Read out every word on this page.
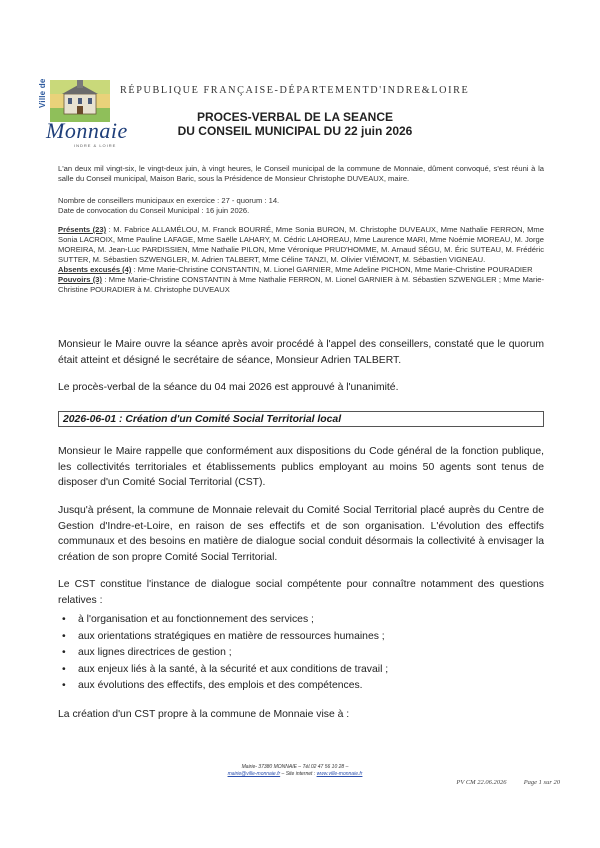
Ville de
Monnaie
INDRE & LOIRE
RÉPUBLIQUE FRANÇAISE-DÉPARTEMENTD'INDRE&LOIRE
PROCES-VERBAL DE LA SEANCE
DU CONSEIL MUNICIPAL DU 22 juin 2026
L'an deux mil vingt-six, le vingt-deux juin, à vingt heures, le Conseil municipal de la commune de Monnaie, dûment convoqué, s'est réuni à la salle du Conseil municipal, Maison Baric, sous la Présidence de Monsieur Christophe DUVEAUX, maire.
Nombre de conseillers municipaux en exercice : 27 - quorum : 14.
Date de convocation du Conseil Municipal : 16 juin 2026.
Présents (23) : M. Fabrice ALLAMÉLOU, M. Franck BOURRÉ, Mme Sonia BURON, M. Christophe DUVEAUX, Mme Nathalie FERRON, Mme Sonia LACROIX, Mme Pauline LAFAGE, Mme Saëlle LAHARY, M. Cédric LAHOREAU, Mme Laurence MARI, Mme Noémie MOREAU, M. Jorge MOREIRA, M. Jean-Luc PARDISSIEN, Mme Nathalie PILON, Mme Véronique PRUD'HOMME, M. Arnaud SÉGU, M. Éric SUTEAU, M. Frédéric SUTTER, M. Sébastien SZWENGLER, M. Adrien TALBERT, Mme Céline TANZI, M. Olivier VIÉMONT, M. Sébastien VIGNEAU.
Absents excusés (4) : Mme Marie-Christine CONSTANTIN, M. Lionel GARNIER, Mme Adeline PICHON, Mme Marie-Christine POURADIER
Pouvoirs (3) : Mme Marie-Christine CONSTANTIN à Mme Nathalie FERRON, M. Lionel GARNIER à M. Sébastien SZWENGLER ; Mme Marie-Christine POURADIER à M. Christophe DUVEAUX
Monsieur le Maire ouvre la séance après avoir procédé à l'appel des conseillers, constaté que le quorum était atteint et désigné le secrétaire de séance, Monsieur Adrien TALBERT.
Le procès-verbal de la séance du 04 mai 2026 est approuvé à l'unanimité.
2026-06-01 : Création d'un Comité Social Territorial local
Monsieur le Maire rappelle que conformément aux dispositions du Code général de la fonction publique, les collectivités territoriales et établissements publics employant au moins 50 agents sont tenus de disposer d'un Comité Social Territorial (CST).
Jusqu'à présent, la commune de Monnaie relevait du Comité Social Territorial placé auprès du Centre de Gestion d'Indre-et-Loire, en raison de ses effectifs et de son organisation. L'évolution des effectifs communaux et des besoins en matière de dialogue social conduit désormais la collectivité à envisager la création de son propre Comité Social Territorial.
Le CST constitue l'instance de dialogue social compétente pour connaître notamment des questions relatives :
• à l'organisation et au fonctionnement des services ;
• aux orientations stratégiques en matière de ressources humaines ;
• aux lignes directrices de gestion ;
• aux enjeux liés à la santé, à la sécurité et aux conditions de travail ;
• aux évolutions des effectifs, des emplois et des compétences.
La création d'un CST propre à la commune de Monnaie vise à :
Mairie- 37380 MONNAIE – Tél.02 47 56 10 28 –
mairie@ville-monnaie.fr – Site internet : www.ville-monnaie.fr
PV CM 22.06.2026	Page 1 sur 20
